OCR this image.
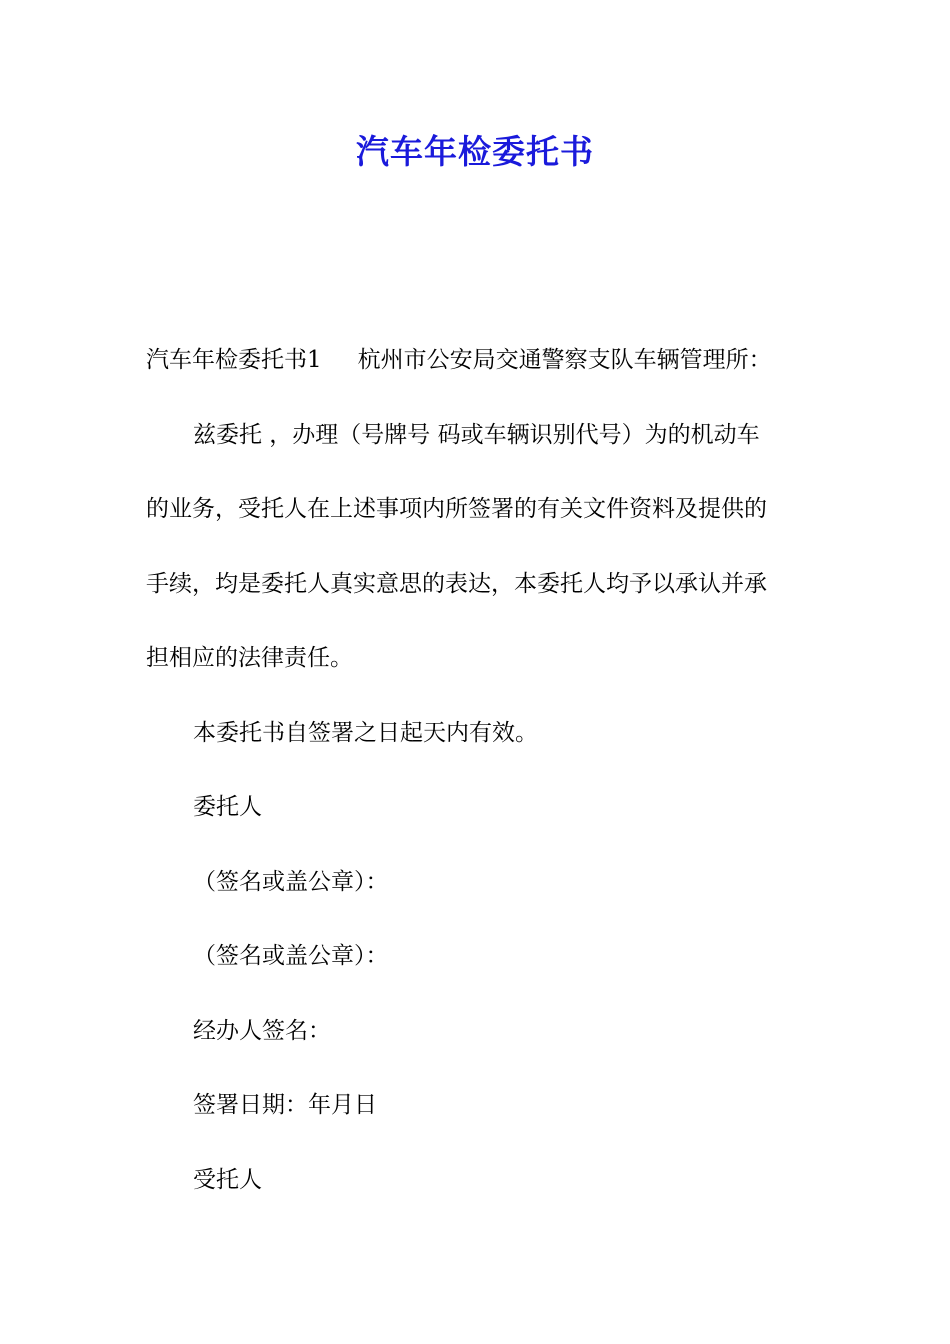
汽车年检委托书
汽车年检委托书1 杭州市公安局交通警察支队车辆管理所：
兹委托 ，办理（号牌号 码或车辆识别代号）为的机动车
的业务，受托人在上述事项内所签署的有关文件资料及提供的
手续，均是委托人真实意思的表达，本委托人均予以承认并承
担相应的法律责任。
本委托书自签署之日起天内有效。
委托人
（签名或盖公章）：
（签名或盖公章）：
经办人签名：
签署日期：年月日
受托人
